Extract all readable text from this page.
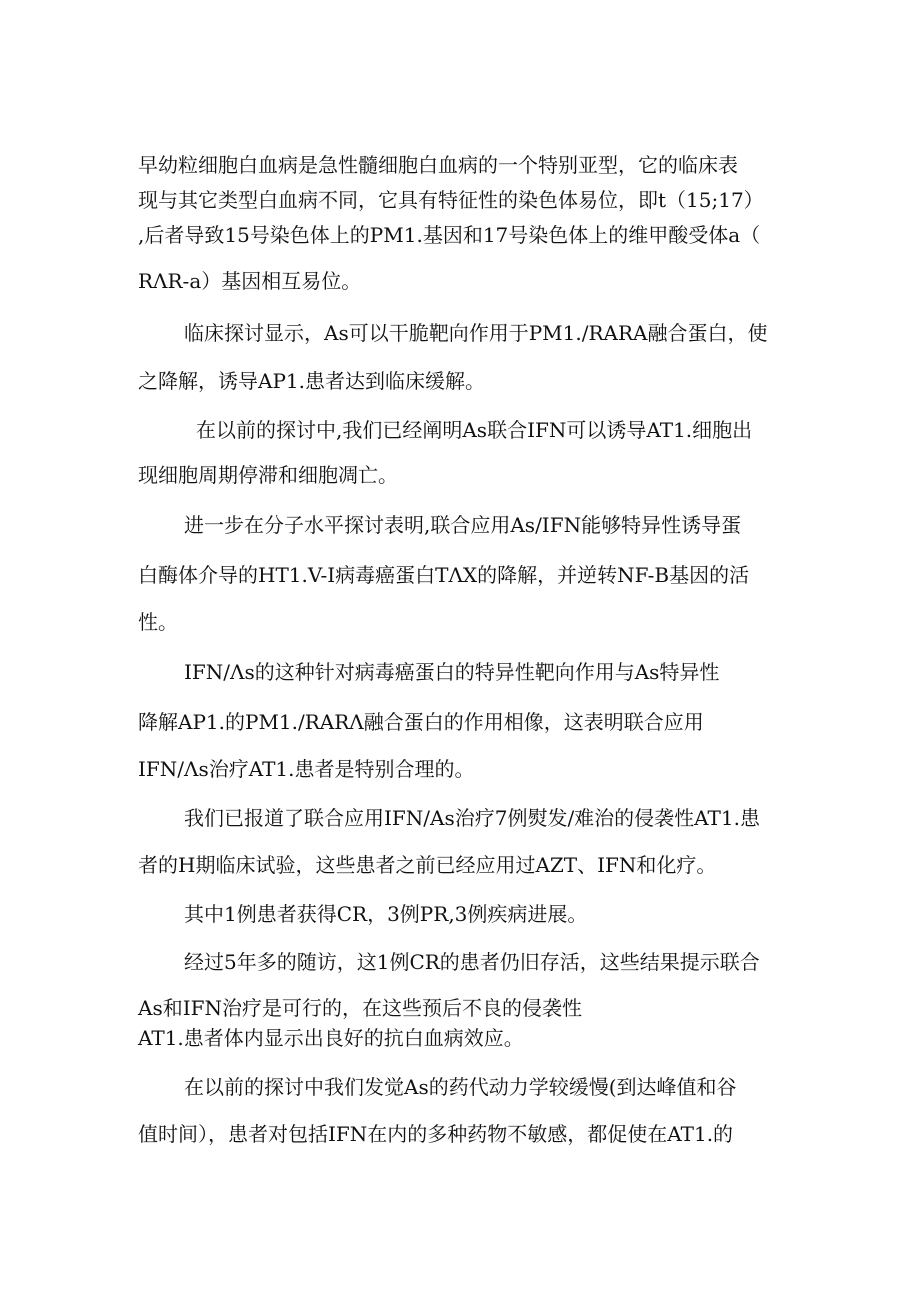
早幼粒细胞白血病是急性髓细胞白血病的一个特别亚型，它的临床表
现与其它类型白血病不同，它具有特征性的染色体易位，即t（15;17）
,后者导致15号染色体上的PM1.基因和17号染色体上的维甲酸受体a（
RΛR-a）基因相互易位。
临床探讨显示，As可以干脆靶向作用于PM1./RARA融合蛋白，使
之降解，诱导AP1.患者达到临床缓解。
在以前的探讨中,我们已经阐明As联合IFN可以诱导AT1.细胞出
现细胞周期停滞和细胞凋亡。
进一步在分子水平探讨表明,联合应用As/IFN能够特异性诱导蛋
白酶体介导的HT1.V-I病毒癌蛋白TΛX的降解，并逆转NF-B基因的活
性。
IFN/Λs的这种针对病毒癌蛋白的特异性靶向作用与As特异性
降解AP1.的PM1./RARΛ融合蛋白的作用相像，这表明联合应用
IFN/Λs治疗AT1.患者是特别合理的。
我们已报道了联合应用IFN/As治疗7例熨发/难治的侵袭性AT1.患
者的H期临床试验，这些患者之前已经应用过AZT、IFN和化疗。
其中1例患者获得CR，3例PR,3例疾病进展。
经过5年多的随访，这1例CR的患者仍旧存活，这些结果提示联合
As和IFN治疗是可行的，在这些预后不良的侵袭性
AT1.患者体内显示出良好的抗白血病效应。
在以前的探讨中我们发觉As的药代动力学较缓慢(到达峰值和谷
值时间），患者对包括IFN在内的多种药物不敏感，都促使在AT1.的
